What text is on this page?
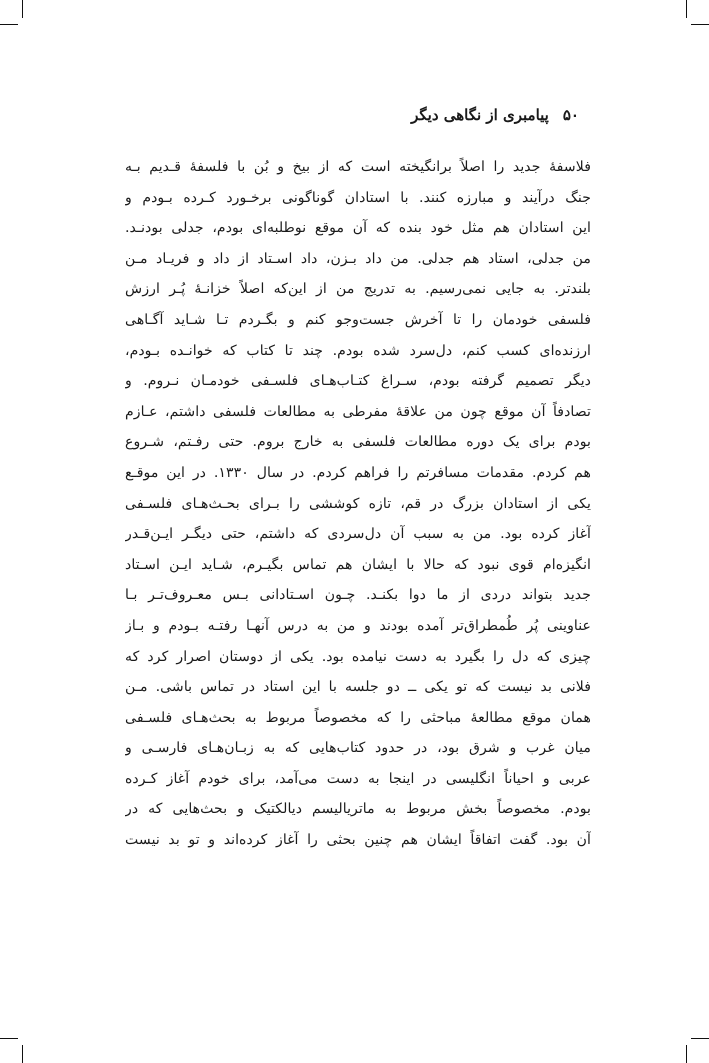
۵۰
پیامبری از نگاهی دیگر
فلاسفهٔ جدید را اصلاً برانگیخته است که از بیخ و بُن با فلسفهٔ قـدیم بـه
جنگ درآیند و مبارزه کنند. با استادان گوناگونی برخـورد کـرده بـودم و
این استادان هم مثل خود بنده که آن موقع نوطلبه‌ای بودم، جدلی بودنـد.
من جدلی، استاد هم جدلی. من داد بـزن، داد اسـتاد از داد و فریـاد مـن
بلندتر. به جایی نمی‌رسیم. به تدریج من از این‌که اصلاً خزانـهٔ پُـر ارزش
فلسفی خودمان را تا آخرش جست‌وجو کنم و بگـردم تـا شـاید آگـاهی
ارزنده‌ای کسب کنم، دل‌سرد شده بودم. چند تا کتاب که خوانـده بـودم،
دیگر تصمیم گرفته بودم، سـراغ کتـاب‌هـای فلسـفی خودمـان نـروم. و
تصادفاً آن موقع چون من علاقهٔ مفرطی به مطالعات فلسفی داشتم، عـازم
بودم برای یک دوره مطالعات فلسفی به خارج بروم. حتی رفـتم، شـروع
هم کردم. مقدمات مسافرتم را فراهم کردم. در سال ۱۳۳۰. در این موقـع
یکی از استادان بزرگ در قم، تازه کوششی را بـرای بحـث‌هـای فلسـفی
آغاز کرده بود. من به سبب آن دل‌سردی که داشتم، حتی دیگـر ایـن‌قـدر
انگیزه‌ام قوی نبود که حالا با ایشان هم تماس بگیـرم، شـاید ایـن اسـتاد
جدید بتواند دردی از ما دوا بکنـد. چـون اسـتادانی بـس معـروف‌تـر بـا
عناوینی پُر طُمطراق‌تر آمده بودند و من به درس آنهـا رفتـه بـودم و بـاز
چیزی که دل را بگیرد به دست نیامده بود. یکی از دوستان اصرار کرد که
فلانی بد نیست که تو یکی ــ دو جلسه با این استاد در تماس باشی. مـن
همان موقع مطالعهٔ مباحثی را که مخصوصاً مربوط به بحث‌هـای فلسـفی
میان غرب و شرق بود، در حدود کتاب‌هایی که به زبـان‌هـای فارسـی و
عربی و احیاناً انگلیسی در اینجا به دست می‌آمد، برای خودم آغاز کـرده
بودم. مخصوصاً بخش مربوط به ماتریالیسم دیالکتیک و بحث‌هایی که در
آن بود. گفت اتفاقاً ایشان هم چنین بحثی را آغاز کرده‌اند و تو بد نیست
